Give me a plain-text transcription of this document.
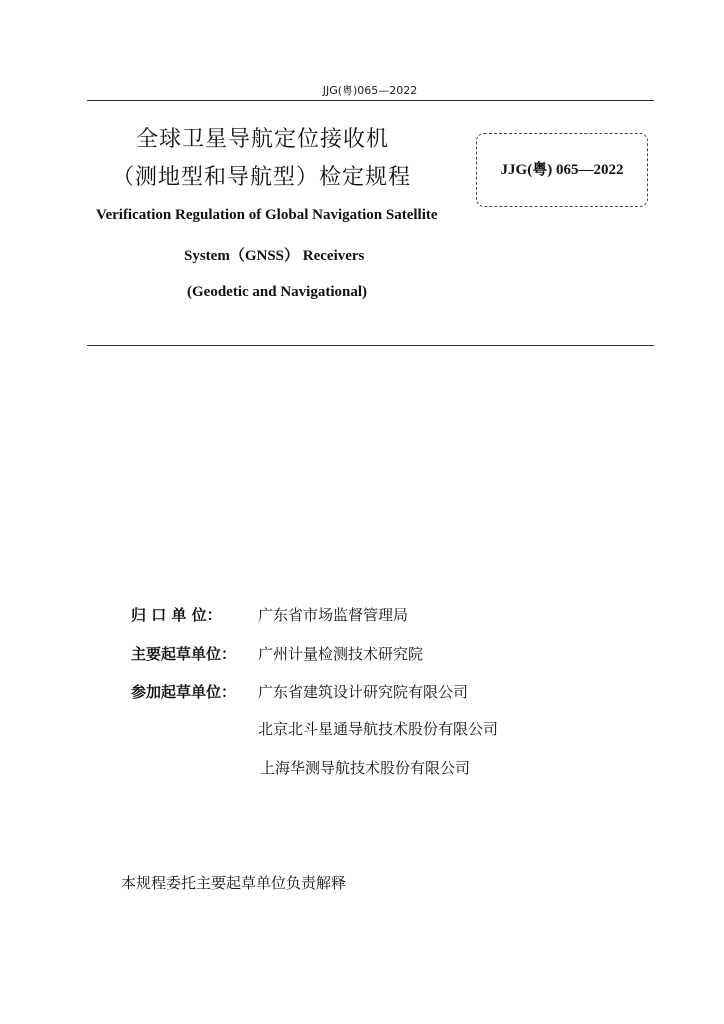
JJG(粤)065—2022
全球卫星导航定位接收机
（测地型和导航型）检定规程	JJG(粤) 065—2022
Verification Regulation of Global Navigation Satellite
System（GNSS） Receivers
(Geodetic and Navigational)
归 口 单 位： 广东省市场监督管理局
主要起草单位： 广州计量检测技术研究院
参加起草单位： 广东省建筑设计研究院有限公司
北京北斗星通导航技术股份有限公司
上海华测导航技术股份有限公司
本规程委托主要起草单位负责解释
